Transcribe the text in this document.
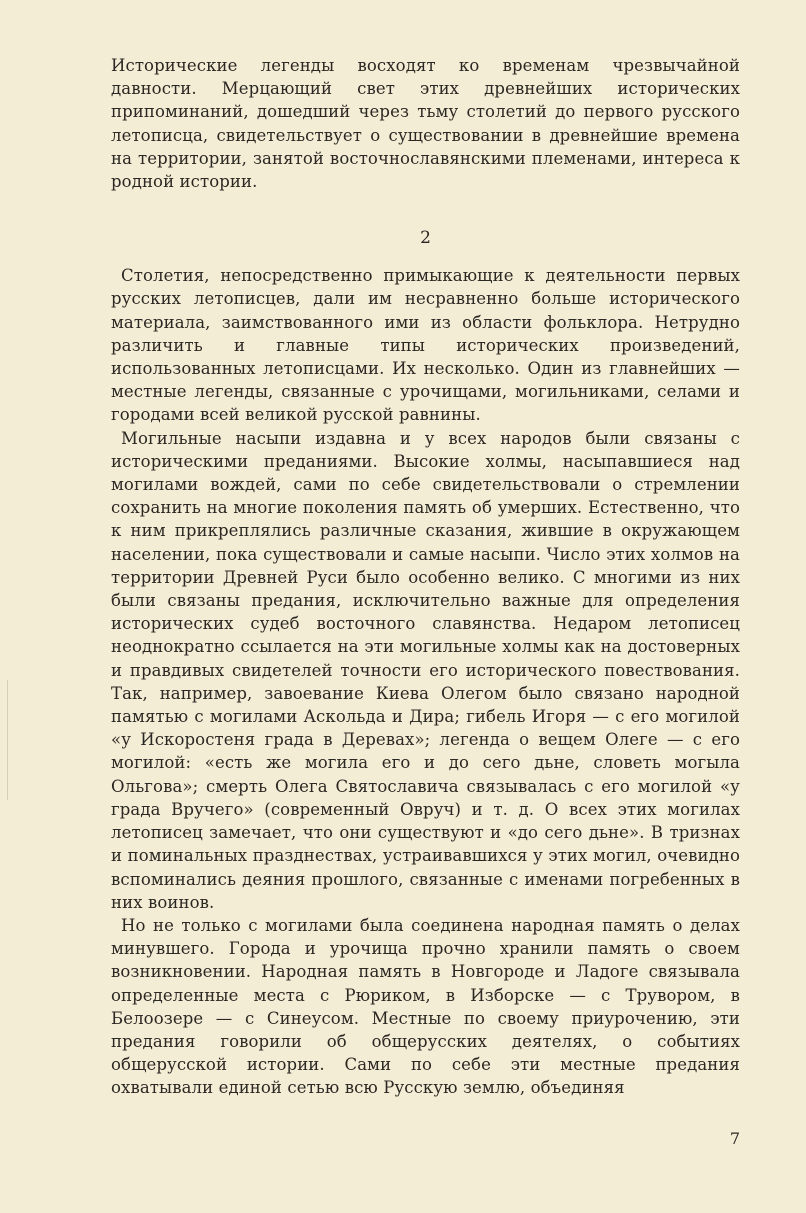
Исторические легенды восходят ко временам чрезвычайной давности. Мерцающий свет этих древнейших исторических припоминаний, дошедший через тьму столетий до первого русского летописца, свидетельствует о существовании в древнейшие времена на территории, занятой восточнославянскими племенами, интереса к родной истории.

2

Столетия, непосредственно примыкающие к деятельности первых русских летописцев, дали им несравненно больше исторического материала, заимствованного ими из области фольклора. Нетрудно различить и главные типы исторических произведений, использованных летописцами. Их несколько. Один из главнейших — местные легенды, связанные с урочищами, могильниками, селами и городами всей великой русской равнины.

Могильные насыпи издавна и у всех народов были связаны с историческими преданиями. Высокие холмы, насыпавшиеся над могилами вождей, сами по себе свидетельствовали о стремлении сохранить на многие поколения память об умерших. Естественно, что к ним прикреплялись различные сказания, жившие в окружающем населении, пока существовали и самые насыпи. Число этих холмов на территории Древней Руси было особенно велико. С многими из них были связаны предания, исключительно важные для определения исторических судеб восточного славянства. Недаром летописец неоднократно ссылается на эти могильные холмы как на достоверных и правдивых свидетелей точности его исторического повествования. Так, например, завоевание Киева Олегом было связано народной памятью с могилами Аскольда и Дира; гибель Игоря — с его могилой «у Искоростеня града в Деревах»; легенда о вещем Олеге — с его могилой: «есть же могила его и до сего дьне, словеть могыла Ольгова»; смерть Олега Святославича связывалась с его могилой «у града Вручего» (современный Овруч) и т. д. О всех этих могилах летописец замечает, что они существуют и «до сего дьне». В тризнах и поминальных празднествах, устраивавшихся у этих могил, очевидно вспоминались деяния прошлого, связанные с именами погребенных в них воинов.

Но не только с могилами была соединена народная память о делах минувшего. Города и урочища прочно хранили память о своем возникновении. Народная память в Новгороде и Ладоге связывала определенные места с Рюриком, в Изборске — с Трувором, в Белоозере — с Синеусом. Местные по своему приурочению, эти предания говорили об общерусских деятелях, о событиях общерусской истории. Сами по себе эти местные предания охватывали единой сетью всю Русскую землю, объединяя

7
